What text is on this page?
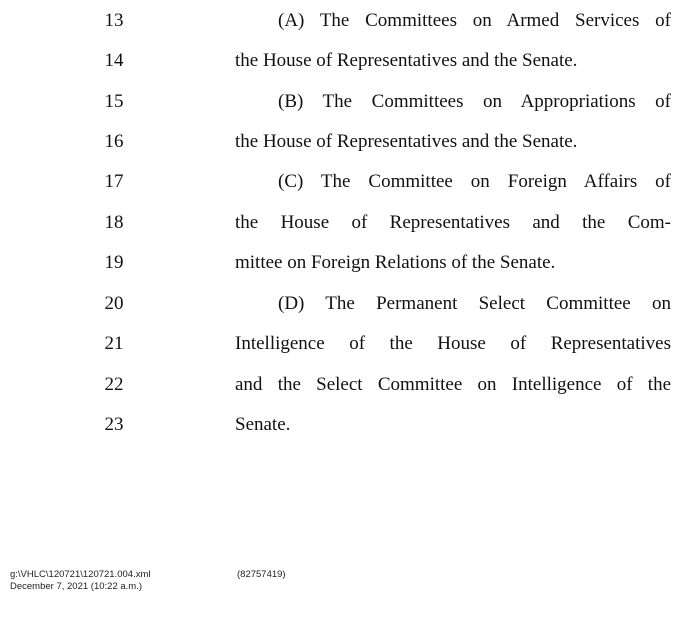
13	(A) The Committees on Armed Services of
14	the House of Representatives and the Senate.
15	(B) The Committees on Appropriations of
16	the House of Representatives and the Senate.
17	(C) The Committee on Foreign Affairs of
18	the House of Representatives and the Com-
19	mittee on Foreign Relations of the Senate.
20	(D) The Permanent Select Committee on
21	Intelligence of the House of Representatives
22	and the Select Committee on Intelligence of the
23	Senate.
g:\VHLC\120721\120721.004.xml
December 7, 2021 (10:22 a.m.)
(82757419)
